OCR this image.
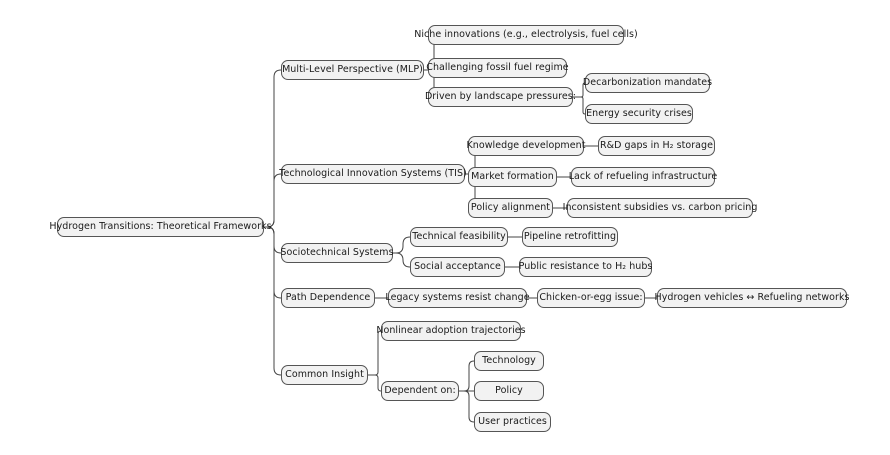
Hydrogen Transitions: Theoretical Frameworks
Multi-Level Perspective (MLP)
Niche innovations (e.g., electrolysis, fuel cells)
Challenging fossil fuel regime
Driven by landscape pressures:
Decarbonization mandates
Energy security crises
Technological Innovation Systems (TIS)
Knowledge development R&D gaps in H₂ storage
Market formation	Lack of refueling infrastructure
Policy alignment	Inconsistent subsidies vs. carbon pricing
Sociotechnical Systems
Technical feasibility Pipeline retrofitting
Social acceptance	Public resistance to H₂ hubs
Path Dependence	Legacy systems resist change Chicken-or-egg issue: Hydrogen vehicles ↔ Refueling networks
Common Insight
Nonlinear adoption trajectories
Dependent on:
Technology
Policy
User practices
